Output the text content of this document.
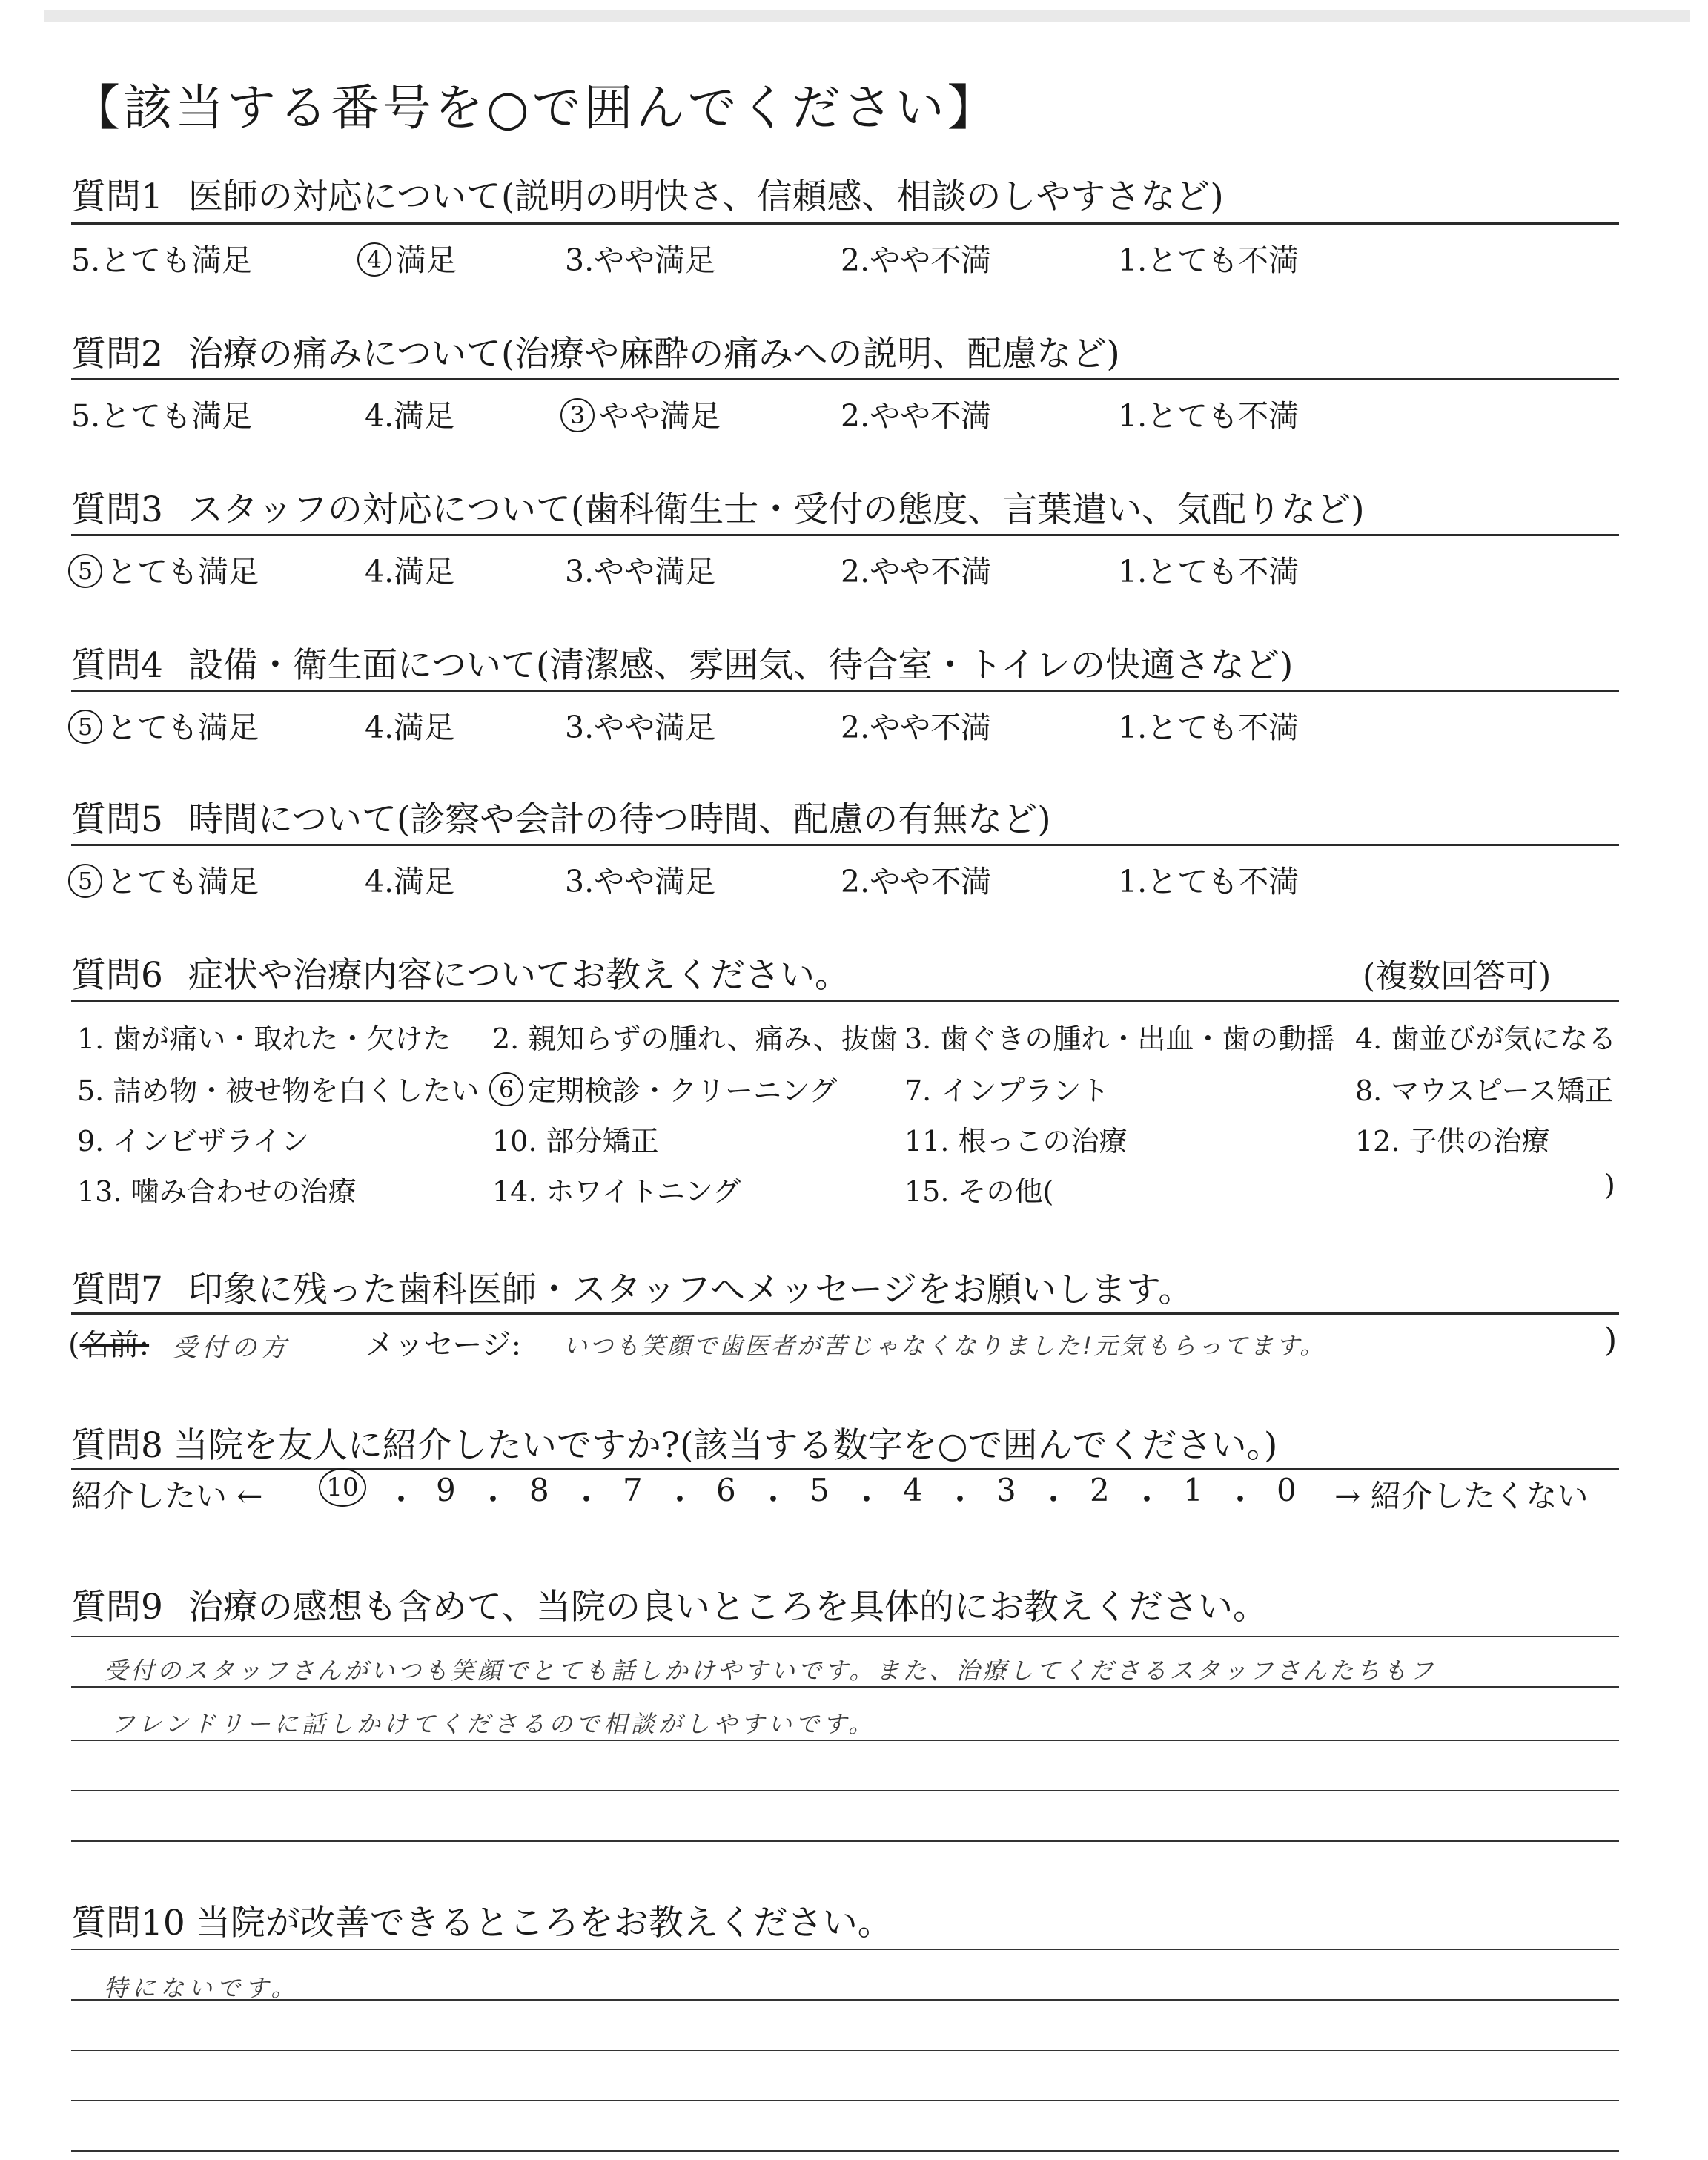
【該当する番号を○で囲んでください】
質問1 医師の対応について(説明の明快さ、信頼感、相談のしやすさなど)
5.とても満足	4 満足	3.やや満足	2.やや不満	1.とても不満
質問2 治療の痛みについて(治療や麻酔の痛みへの説明、配慮など)
5.とても満足	4.満足	3 やや満足	2.やや不満	1.とても不満
質問3 スタッフの対応について(歯科衛生士・受付の態度、言葉遣い、気配りなど)
5 とても満足	4.満足	3.やや満足	2.やや不満	1.とても不満
質問4 設備・衛生面について(清潔感、雰囲気、待合室・トイレの快適さなど)
5 とても満足	4.満足	3.やや満足	2.やや不満	1.とても不満
質問5 時間について(診察や会計の待つ時間、配慮の有無など)
5 とても満足	4.満足	3.やや満足	2.やや不満	1.とても不満
質問6 症状や治療内容についてお教えください。	(複数回答可)
1. 歯が痛い・取れた・欠けた 2. 親知らずの腫れ、痛み、抜歯 3. 歯ぐきの腫れ・出血・歯の動揺 4. 歯並びが気になる
5. 詰め物・被せ物を白くしたい 6 定期検診・クリーニング 7. インプラント	8. マウスピース矯正
9. インビザライン	10. 部分矯正	11. 根っこの治療	12. 子供の治療
13. 噛み合わせの治療	14. ホワイトニング	15. その他(	)
質問7 印象に残った歯科医師・スタッフへメッセージをお願いします。
(名前: 受付の方	メッセージ: いつも笑顔で歯医者が苦じゃなくなりました!元気もらってます。	)
質問8 当院を友人に紹介したいですか?(該当する数字を○で囲んでください。)
紹介したい ←	10 ・ 9 ・ 8 ・ 7 ・ 6 ・ 5 ・ 4 ・ 3 ・ 2 ・ 1 ・ 0 → 紹介したくない
質問9 治療の感想も含めて、当院の良いところを具体的にお教えください。
受付のスタッフさんがいつも笑顔でとても話しかけやすいです。また、治療してくださるスタッフさんたちもフ
フレンドリーに話しかけてくださるので相談がしやすいです。
質問10 当院が改善できるところをお教えください。
特にないです。
